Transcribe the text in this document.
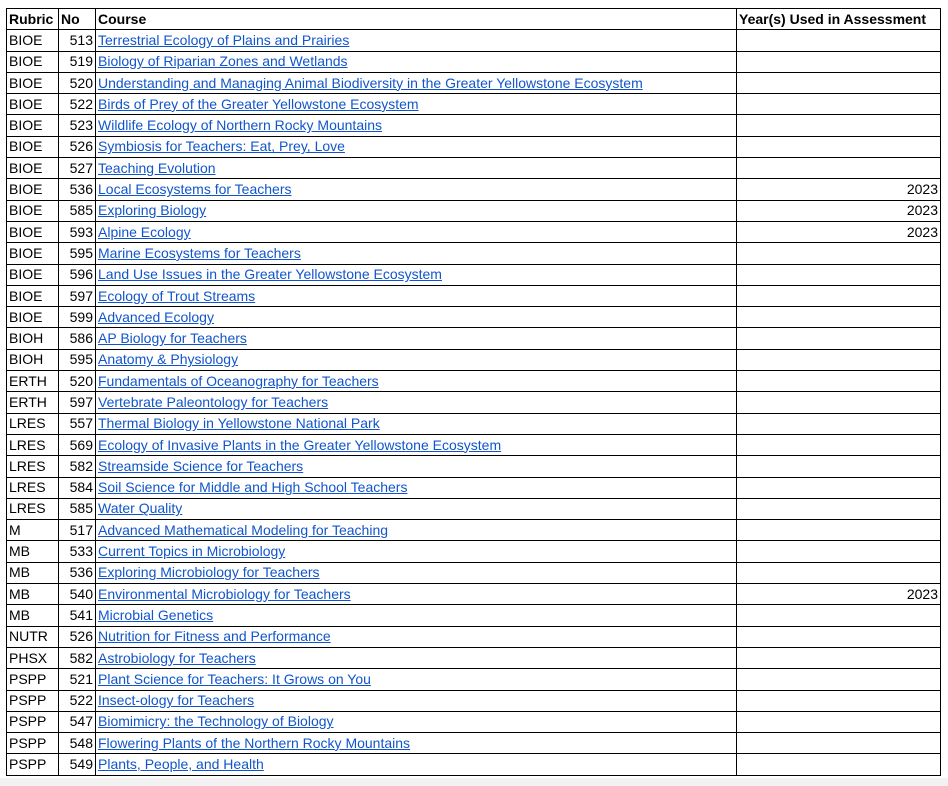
Rubric	No	Course	Year(s) Used in Assessment
BIOE	513	Terrestrial Ecology of Plains and Prairies	
BIOE	519	Biology of Riparian Zones and Wetlands	
BIOE	520	Understanding and Managing Animal Biodiversity in the Greater Yellowstone Ecosystem	
BIOE	522	Birds of Prey of the Greater Yellowstone Ecosystem	
BIOE	523	Wildlife Ecology of Northern Rocky Mountains	
BIOE	526	Symbiosis for Teachers: Eat, Prey, Love	
BIOE	527	Teaching Evolution	
BIOE	536	Local Ecosystems for Teachers	2023
BIOE	585	Exploring Biology	2023
BIOE	593	Alpine Ecology	2023
BIOE	595	Marine Ecosystems for Teachers	
BIOE	596	Land Use Issues in the Greater Yellowstone Ecosystem	
BIOE	597	Ecology of Trout Streams	
BIOE	599	Advanced Ecology	
BIOH	586	AP Biology for Teachers	
BIOH	595	Anatomy & Physiology	
ERTH	520	Fundamentals of Oceanography for Teachers	
ERTH	597	Vertebrate Paleontology for Teachers	
LRES	557	Thermal Biology in Yellowstone National Park	
LRES	569	Ecology of Invasive Plants in the Greater Yellowstone Ecosystem	
LRES	582	Streamside Science for Teachers	
LRES	584	Soil Science for Middle and High School Teachers	
LRES	585	Water Quality	
M	517	Advanced Mathematical Modeling for Teaching	
MB	533	Current Topics in Microbiology	
MB	536	Exploring Microbiology for Teachers	
MB	540	Environmental Microbiology for Teachers	2023
MB	541	Microbial Genetics	
NUTR	526	Nutrition for Fitness and Performance	
PHSX	582	Astrobiology for Teachers	
PSPP	521	Plant Science for Teachers: It Grows on You	
PSPP	522	Insect-ology for Teachers	
PSPP	547	Biomimicry: the Technology of Biology	
PSPP	548	Flowering Plants of the Northern Rocky Mountains	
PSPP	549	Plants, People, and Health	
